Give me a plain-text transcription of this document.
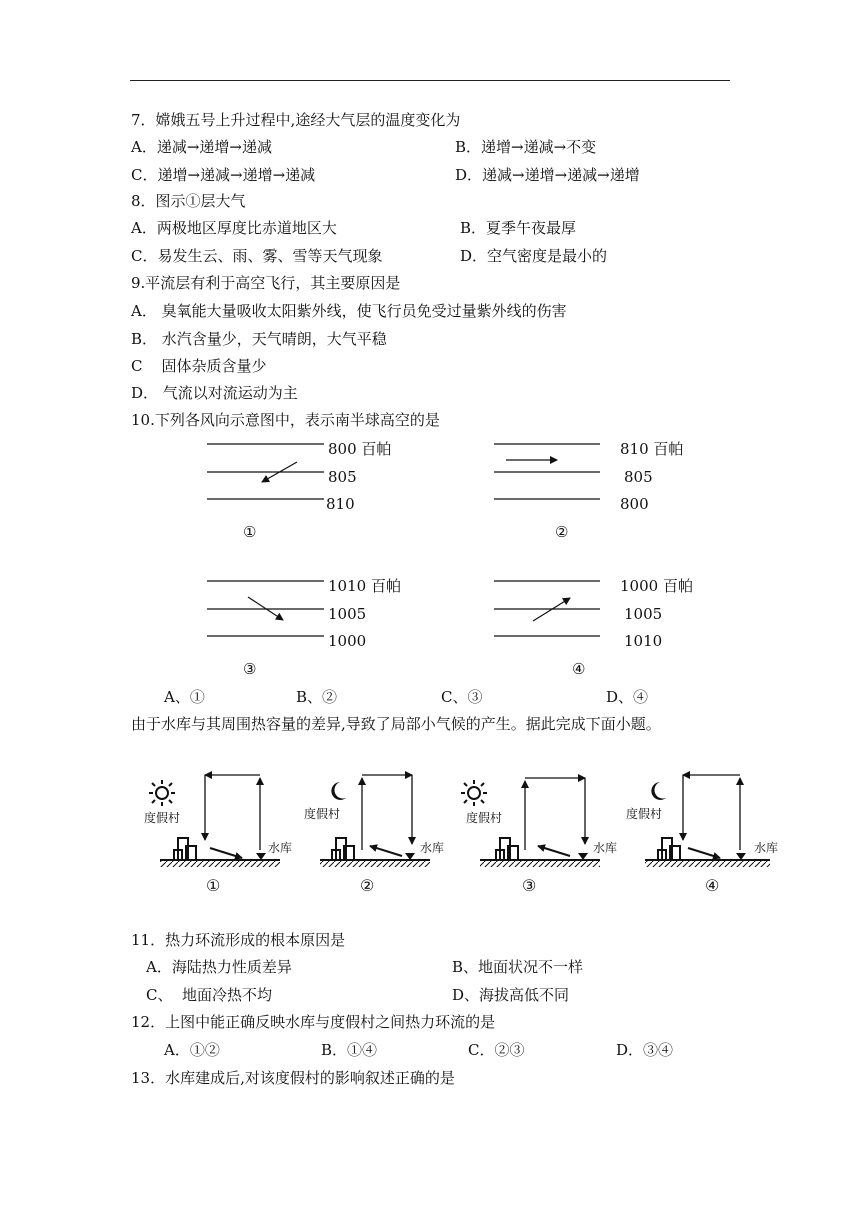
7．嫦娥五号上升过程中,途经大气层的温度变化为
A．递减→递增→递减	B．递增→递减→不变
C．递增→递减→递增→递减	D．递减→递增→递减→递增
8．图示①层大气
A．两极地区厚度比赤道地区大	B．夏季午夜最厚
C．易发生云、雨、雾、雪等天气现象	D．空气密度是最小的
9.平流层有利于高空飞行，其主要原因是
A． 臭氧能大量吸收太阳紫外线，使飞行员免受过量紫外线的伤害
B． 水汽含量少，天气晴朗，大气平稳
C    固体杂质含量少
D． 气流以对流运动为主
10.下列各风向示意图中，表示南半球高空的是
800 百帕
805
810
①
810 百帕
805
800
②
1010 百帕
1005
1000
③
1000 百帕
1005
1010
④
A、①	B、②	C、③	D、④
由于水库与其周围热容量的差异,导致了局部小气候的产生。据此完成下面小题。
度假村
水库
①
度假村
水库
②
度假村
水库
③
度假村
水库
④
11．热力环流形成的根本原因是
A．海陆热力性质差异	B、地面状况不一样
C、  地面冷热不均	D、海拔高低不同
12．上图中能正确反映水库与度假村之间热力环流的是
A．①②	B．①④	C．②③	D．③④
13．水库建成后,对该度假村的影响叙述正确的是
